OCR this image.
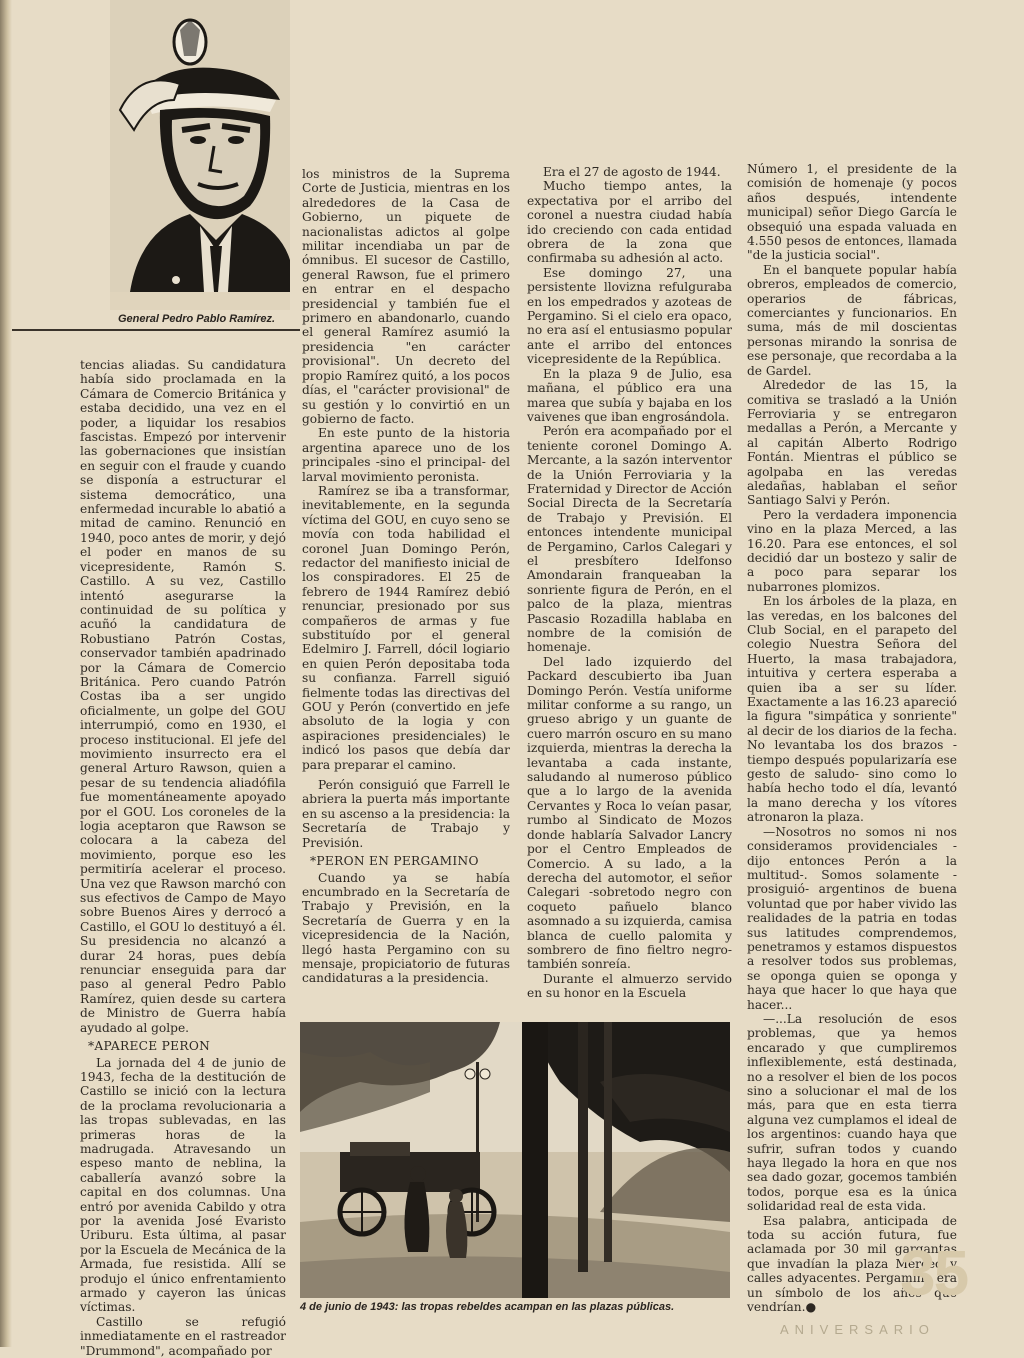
General Pedro Pablo Ramírez.

tencias aliadas. Su candidatura había sido proclamada en la Cámara de Comercio Británica y estaba decidido, una vez en el poder, a liquidar los resabios fascistas. Empezó por intervenir las gobernaciones que insistían en seguir con el fraude y cuando se disponía a estructurar el sistema democrático, una enfermedad incurable lo abatió a mitad de camino. Renunció en 1940, poco antes de morir, y dejó el poder en manos de su vicepresidente, Ramón S. Castillo. A su vez, Castillo intentó asegurarse la continuidad de su política y acuñó la candidatura de Robustiano Patrón Costas, conservador también apadrinado por la Cámara de Comercio Británica. Pero cuando Patrón Costas iba a ser ungido oficialmente, un golpe del GOU interrumpió, como en 1930, el proceso institucional. El jefe del movimiento insurrecto era el general Arturo Rawson, quien a pesar de su tendencia aliadófila fue momentáneamente apoyado por el GOU. Los coroneles de la logia aceptaron que Rawson se colocara a la cabeza del movimiento, porque eso les permitiría acelerar el proceso. Una vez que Rawson marchó con sus efectivos de Campo de Mayo sobre Buenos Aires y derrocó a Castillo, el GOU lo destituyó a él. Su presidencia no alcanzó a durar 24 horas, pues debía renunciar enseguida para dar paso al general Pedro Pablo Ramírez, quien desde su cartera de Ministro de Guerra había ayudado al golpe.

*APARECE PERON

La jornada del 4 de junio de 1943, fecha de la destitución de Castillo se inició con la lectura de la proclama revolucionaria a las tropas sublevadas, en las primeras horas de la madrugada. Atravesando un espeso manto de neblina, la caballería avanzó sobre la capital en dos columnas. Una entró por avenida Cabildo y otra por la avenida José Evaristo Uriburu. Esta última, al pasar por la Escuela de Mecánica de la Armada, fue resistida. Allí se produjo el único enfrentamiento armado y cayeron las únicas víctimas.

Castillo se refugió inmediatamente en el rastreador "Drummond", acompañado por

los ministros de la Suprema Corte de Justicia, mientras en los alrededores de la Casa de Gobierno, un piquete de nacionalistas adictos al golpe militar incendiaba un par de ómnibus. El sucesor de Castillo, general Rawson, fue el primero en entrar en el despacho presidencial y también fue el primero en abandonarlo, cuando el general Ramírez asumió la presidencia "en carácter provisional". Un decreto del propio Ramírez quitó, a los pocos días, el "carácter provisional" de su gestión y lo convirtió en un gobierno de facto.

En este punto de la historia argentina aparece uno de los principales -sino el principal- del larval movimiento peronista.

Ramírez se iba a transformar, inevitablemente, en la segunda víctima del GOU, en cuyo seno se movía con toda habilidad el coronel Juan Domingo Perón, redactor del manifiesto inicial de los conspiradores. El 25 de febrero de 1944 Ramírez debió renunciar, presionado por sus compañeros de armas y fue substituído por el general Edelmiro J. Farrell, dócil logiario en quien Perón depositaba toda su confianza. Farrell siguió fielmente todas las directivas del GOU y Perón (convertido en jefe absoluto de la logia y con aspiraciones presidenciales) le indicó los pasos que debía dar para preparar el camino.

Perón consiguió que Farrell le abriera la puerta más importante en su ascenso a la presidencia: la Secretaría de Trabajo y Previsión.

*PERON EN PERGAMINO

Cuando ya se había encumbrado en la Secretaría de Trabajo y Previsión, en la Secretaría de Guerra y en la vicepresidencia de la Nación, llegó hasta Pergamino con su mensaje, propiciatorio de futuras candidaturas a la presidencia.

Era el 27 de agosto de 1944.

Mucho tiempo antes, la expectativa por el arribo del coronel a nuestra ciudad había ido creciendo con cada entidad obrera de la zona que confirmaba su adhesión al acto.

Ese domingo 27, una persistente llovizna refulguraba en los empedrados y azoteas de Pergamino. Si el cielo era opaco, no era así el entusiasmo popular ante el arribo del entonces vicepresidente de la República.

En la plaza 9 de Julio, esa mañana, el público era una marea que subía y bajaba en los vaivenes que iban engrosándola.

Perón era acompañado por el teniente coronel Domingo A. Mercante, a la sazón interventor de la Unión Ferroviaria y la Fraternidad y Director de Acción Social Directa de la Secretaría de Trabajo y Previsión. El entonces intendente municipal de Pergamino, Carlos Calegari y el presbítero Idelfonso Amondarain franqueaban la sonriente figura de Perón, en el palco de la plaza, mientras Pascasio Rozadilla hablaba en nombre de la comisión de homenaje.

Del lado izquierdo del Packard descubierto iba Juan Domingo Perón. Vestía uniforme militar conforme a su rango, un grueso abrigo y un guante de cuero marrón oscuro en su mano izquierda, mientras la derecha la levantaba a cada instante, saludando al numeroso público que a lo largo de la avenida Cervantes y Roca lo veían pasar, rumbo al Sindicato de Mozos donde hablaría Salvador Lancry por el Centro Empleados de Comercio. A su lado, a la derecha del automotor, el señor Calegari -sobretodo negro con coqueto pañuelo blanco asomnado a su izquierda, camisa blanca de cuello palomita y sombrero de fino fieltro negro- también sonreía.

Durante el almuerzo servido en su honor en la Escuela

Número 1, el presidente de la comisión de homenaje (y pocos años después, intendente municipal) señor Diego García le obsequió una espada valuada en 4.550 pesos de entonces, llamada "de la justicia social".

En el banquete popular había obreros, empleados de comercio, operarios de fábricas, comerciantes y funcionarios. En suma, más de mil doscientas personas mirando la sonrisa de ese personaje, que recordaba a la de Gardel.

Alrededor de las 15, la comitiva se trasladó a la Unión Ferroviaria y se entregaron medallas a Perón, a Mercante y al capitán Alberto Rodrigo Fontán. Mientras el público se agolpaba en las veredas aledañas, hablaban el señor Santiago Salvi y Perón.

Pero la verdadera imponencia vino en la plaza Merced, a las 16.20. Para ese entonces, el sol decidió dar un bostezo y salir de a poco para separar los nubarrones plomizos.

En los árboles de la plaza, en las veredas, en los balcones del Club Social, en el parapeto del colegio Nuestra Señora del Huerto, la masa trabajadora, intuitiva y certera esperaba a quien iba a ser su líder. Exactamente a las 16.23 apareció la figura "simpática y sonriente" al decir de los diarios de la fecha. No levantaba los dos brazos -tiempo después popularizaría ese gesto de saludo- sino como lo había hecho todo el día, levantó la mano derecha y los vítores atronaron la plaza.

—Nosotros no somos ni nos consideramos providenciales -dijo entonces Perón a la multitud-. Somos solamente -prosiguió- argentinos de buena voluntad que por haber vivido las realidades de la patria en todas sus latitudes comprendemos, penetramos y estamos dispuestos a resolver todos sus problemas, se oponga quien se oponga y haya que hacer lo que haya que hacer...

—...La resolución de esos problemas, que ya hemos encarado y que cumpliremos inflexiblemente, está destinada, no a resolver el bien de los pocos sino a solucionar el mal de los más, para que en esta tierra alguna vez cumplamos el ideal de los argentinos: cuando haya que sufrir, sufran todos y cuando haya llegado la hora en que nos sea dado gozar, gocemos también todos, porque esa es la única solidaridad real de esta vida.

Esa palabra, anticipada de toda su acción futura, fue aclamada por 30 mil gargantas que invadían la plaza Merced y calles adyacentes. Pergamino era un símbolo de los años que vendrían.●

4 de junio de 1943: las tropas rebeldes acampan en las plazas públicas.	35
ANIVERSARIO
